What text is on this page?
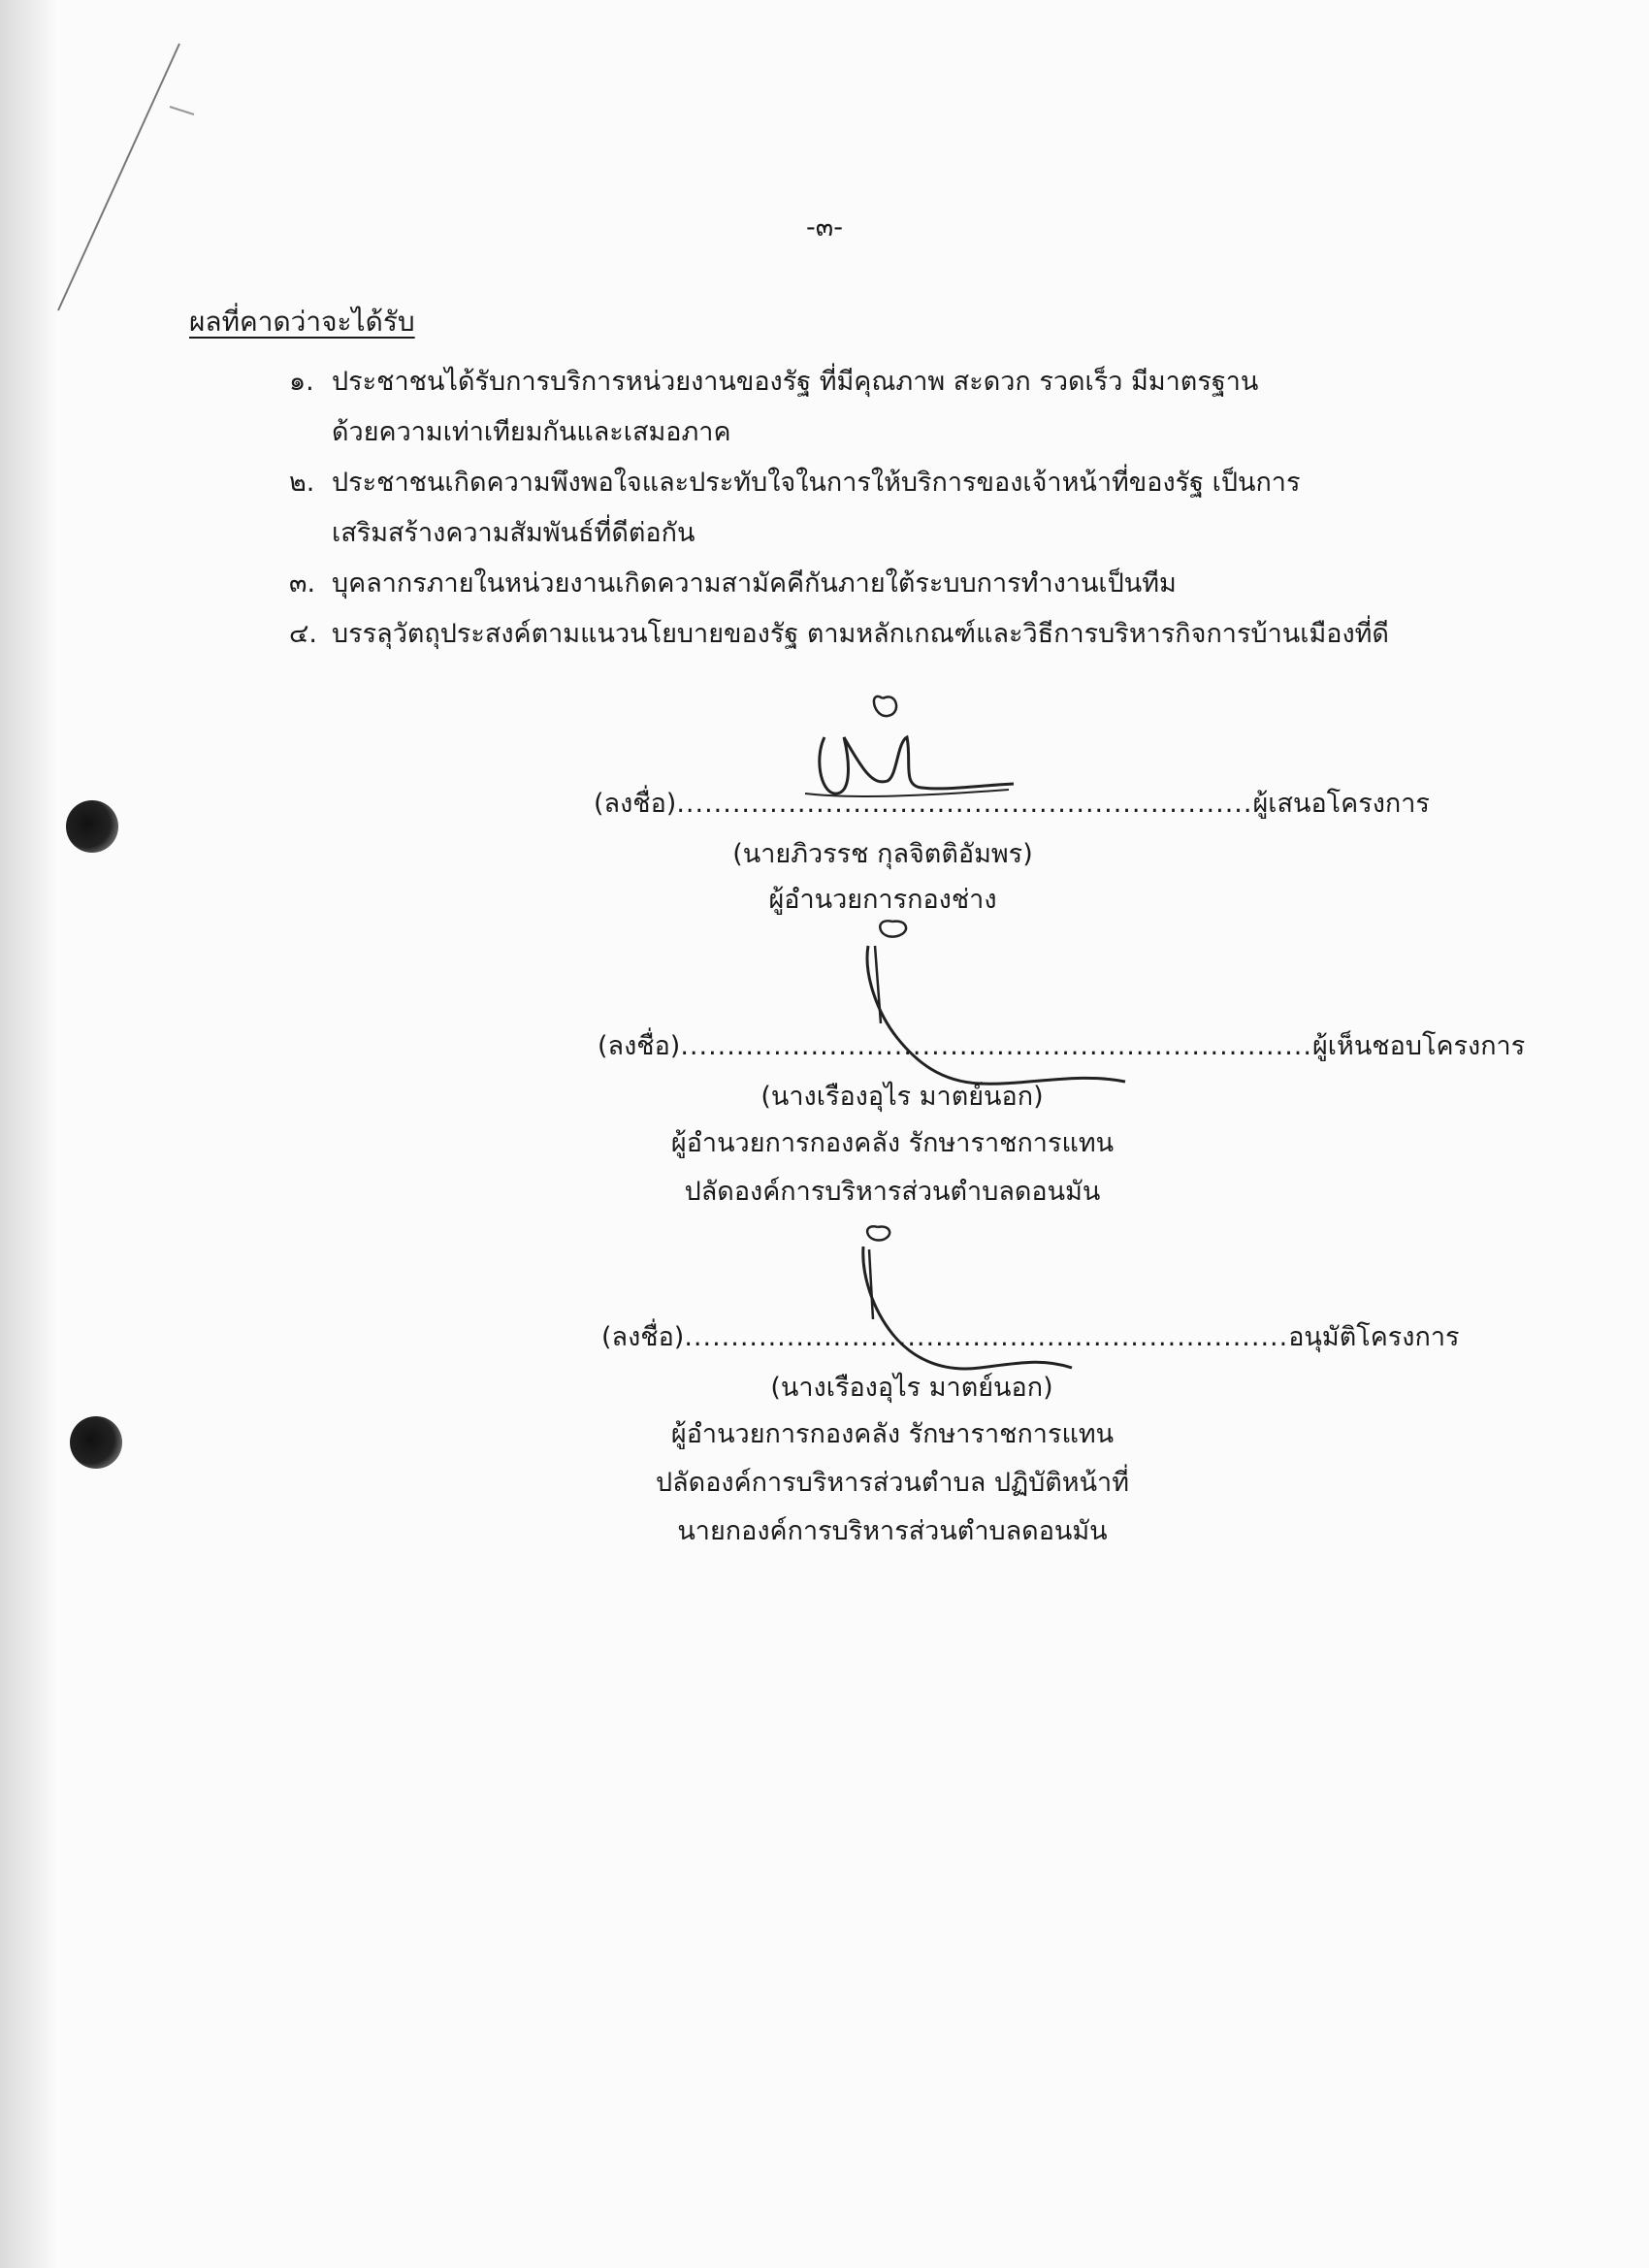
-๓-
ผลที่คาดว่าจะได้รับ
๑. ประชาชนได้รับการบริการหน่วยงานของรัฐ ที่มีคุณภาพ สะดวก รวดเร็ว มีมาตรฐาน
ด้วยความเท่าเทียมกันและเสมอภาค
๒. ประชาชนเกิดความพึงพอใจและประทับใจในการให้บริการของเจ้าหน้าที่ของรัฐ เป็นการ
เสริมสร้างความสัมพันธ์ที่ดีต่อกัน
๓. บุคลากรภายในหน่วยงานเกิดความสามัคคีกันภายใต้ระบบการทำงานเป็นทีม
๔. บรรลุวัตถุประสงค์ตามแนวนโยบายของรัฐ ตามหลักเกณฑ์และวิธีการบริหารกิจการบ้านเมืองที่ดี
(ลงชื่อ)..............................................................ผู้เสนอโครงการ
(นายภิวรรช กุลจิตติอัมพร)
ผู้อำนวยการกองช่าง
(ลงชื่อ)....................................................................ผู้เห็นชอบโครงการ
(นางเรืองอุไร มาตย์นอก)
ผู้อำนวยการกองคลัง รักษาราชการแทน
ปลัดองค์การบริหารส่วนตำบลดอนมัน
(ลงชื่อ).................................................................อนุมัติโครงการ
(นางเรืองอุไร มาตย์นอก)
ผู้อำนวยการกองคลัง รักษาราชการแทน
ปลัดองค์การบริหารส่วนตำบล ปฏิบัติหน้าที่
นายกองค์การบริหารส่วนตำบลดอนมัน
